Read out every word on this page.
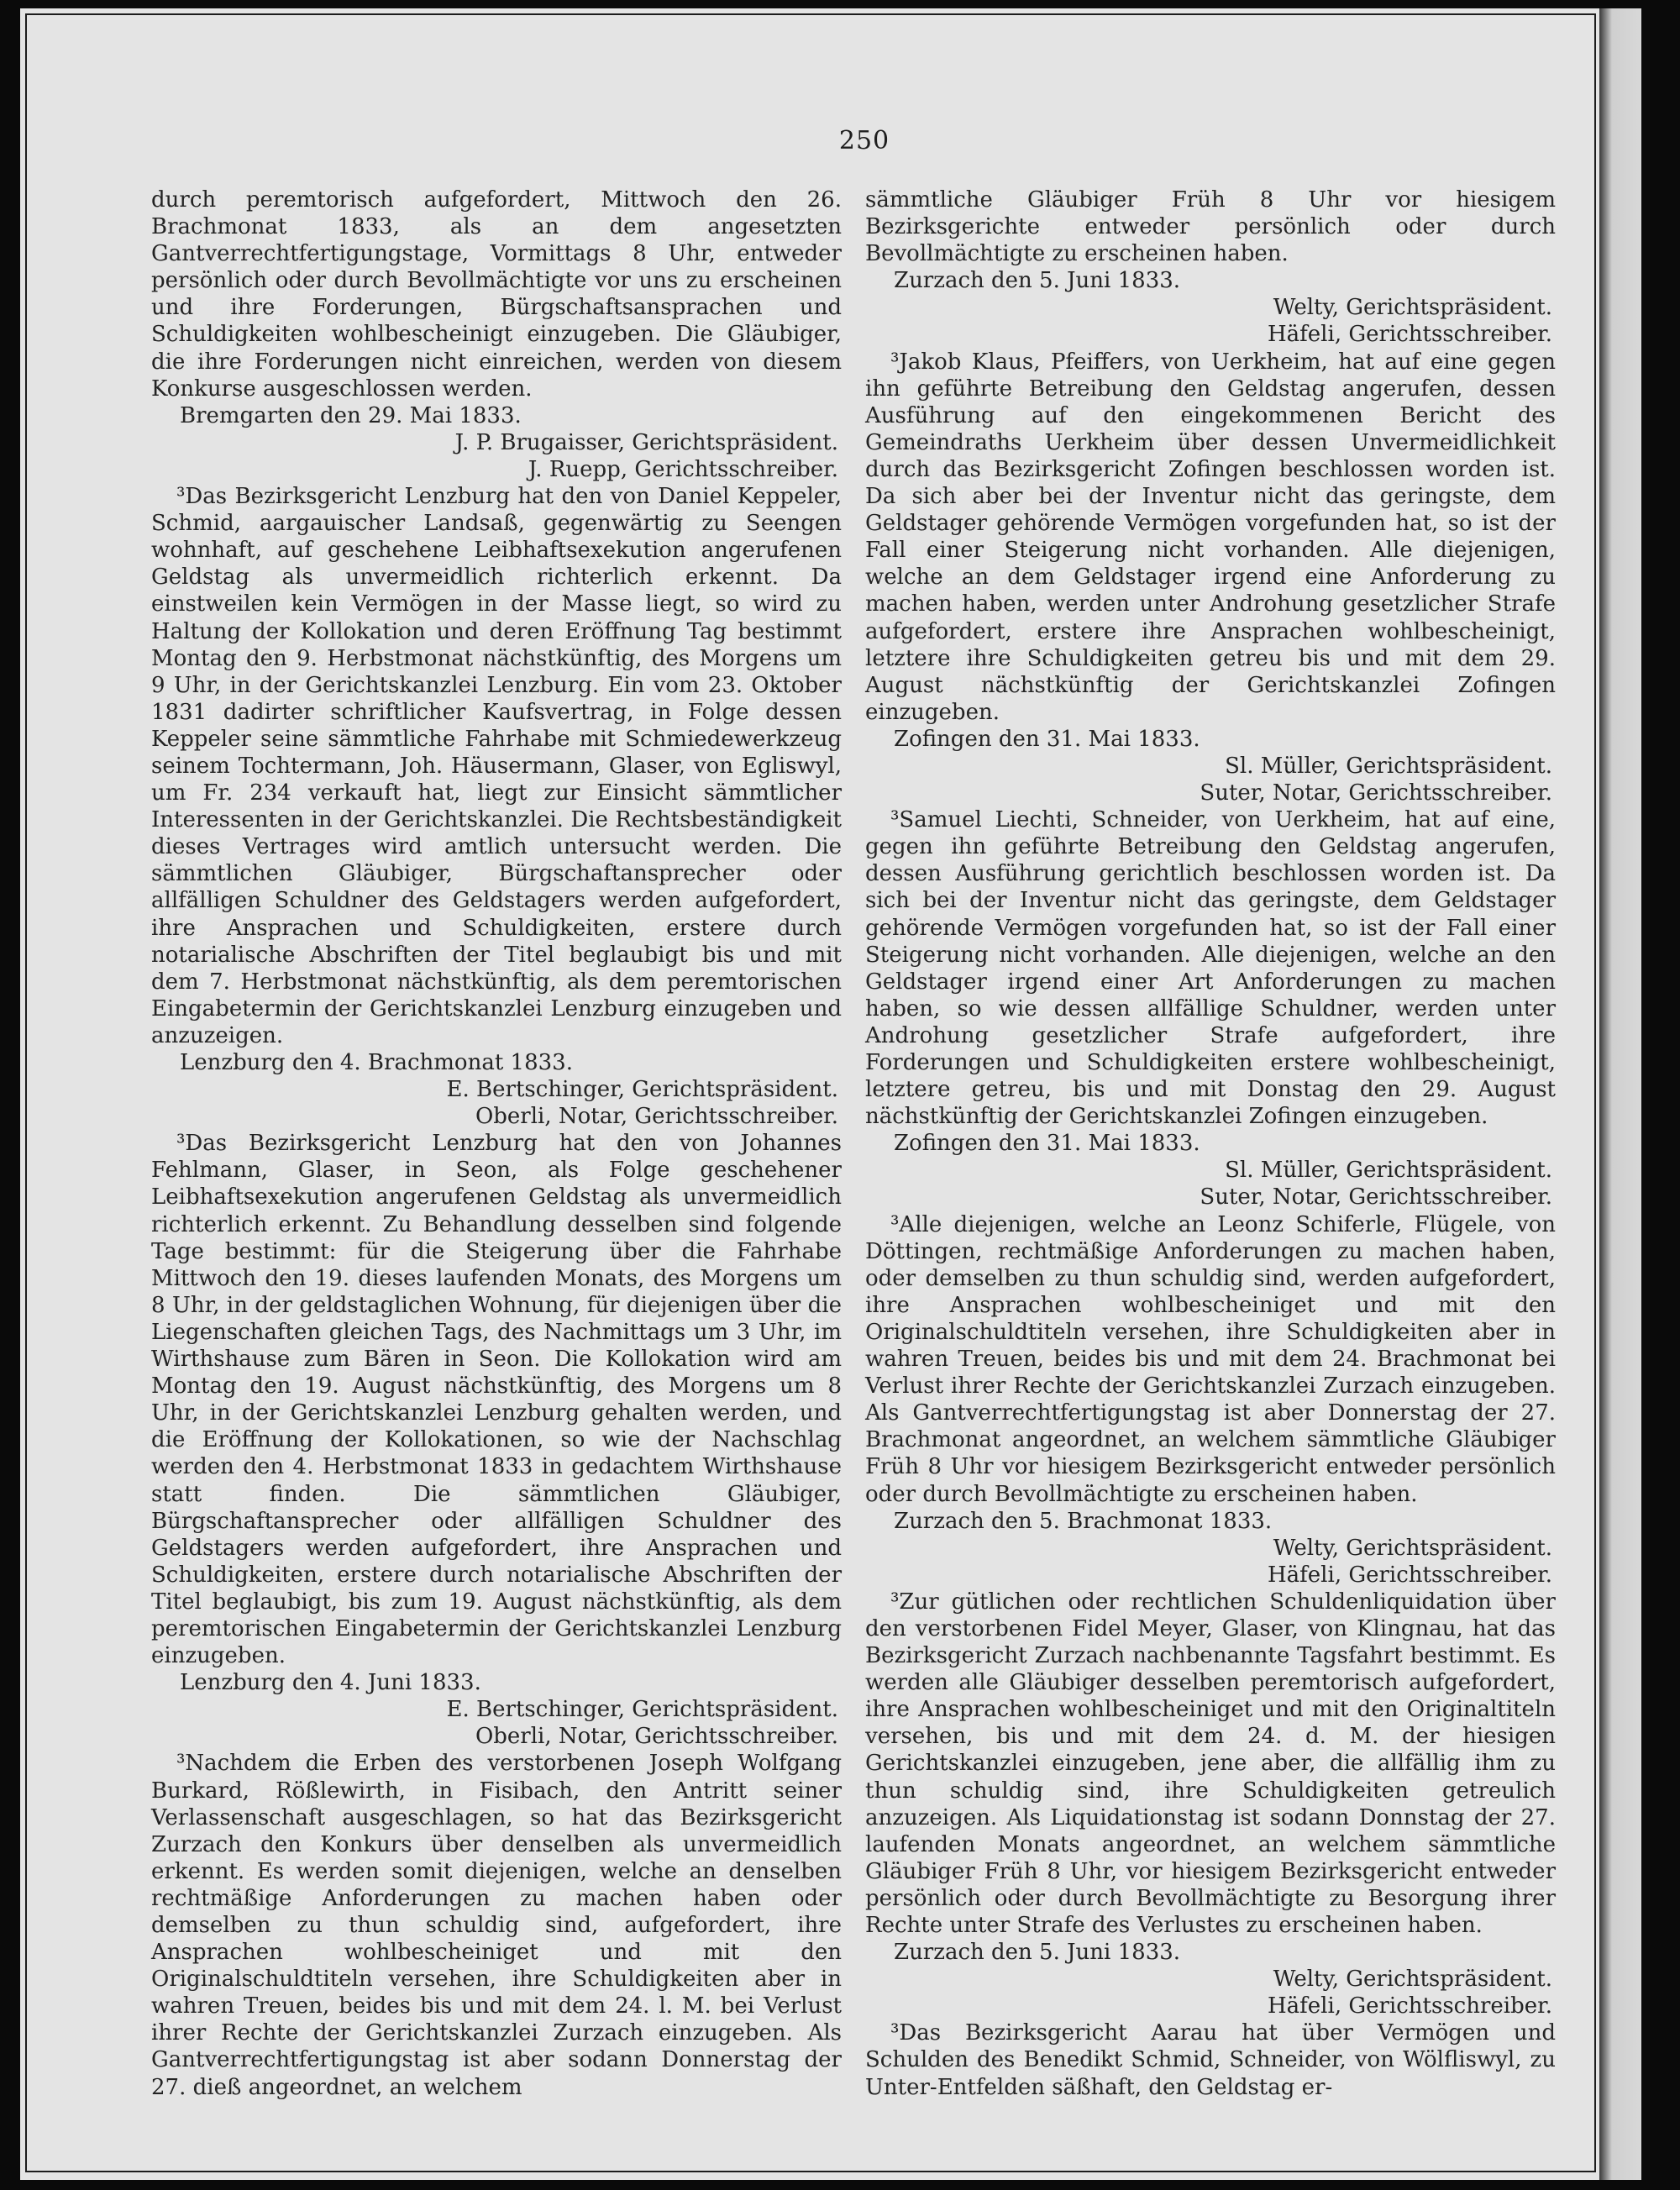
250

durch peremtorisch aufgefordert, Mittwoch den 26. Brachmonat 1833, als an dem angesetzten Gantverrechtfertigungstage, Vormittags 8 Uhr, entweder persönlich oder durch Bevollmächtigte vor uns zu erscheinen und ihre Forderungen, Bürgschaftsansprachen und Schuldigkeiten wohlbescheinigt einzugeben. Die Gläubiger, die ihre Forderungen nicht einreichen, werden von diesem Konkurse ausgeschlossen werden.

Bremgarten den 29. Mai 1833.

J. P. Brugaisser, Gerichtspräsident.

J. Ruepp, Gerichtsschreiber.

³Das Bezirksgericht Lenzburg hat den von Daniel Keppeler, Schmid, aargauischer Landsaß, gegenwärtig zu Seengen wohnhaft, auf geschehene Leibhaftsexekution angerufenen Geldstag als unvermeidlich richterlich erkennt. Da einstweilen kein Vermögen in der Masse liegt, so wird zu Haltung der Kollokation und deren Eröffnung Tag bestimmt Montag den 9. Herbstmonat nächstkünftig, des Morgens um 9 Uhr, in der Gerichtskanzlei Lenzburg. Ein vom 23. Oktober 1831 dadirter schriftlicher Kaufsvertrag, in Folge dessen Keppeler seine sämmtliche Fahrhabe mit Schmiedewerkzeug seinem Tochtermann, Joh. Häusermann, Glaser, von Egliswyl, um Fr. 234 verkauft hat, liegt zur Einsicht sämmtlicher Interessenten in der Gerichtskanzlei. Die Rechtsbeständigkeit dieses Vertrages wird amtlich untersucht werden. Die sämmtlichen Gläubiger, Bürgschaftansprecher oder allfälligen Schuldner des Geldstagers werden aufgefordert, ihre Ansprachen und Schuldigkeiten, erstere durch notarialische Abschriften der Titel beglaubigt bis und mit dem 7. Herbstmonat nächstkünftig, als dem peremtorischen Eingabetermin der Gerichtskanzlei Lenzburg einzugeben und anzuzeigen.

Lenzburg den 4. Brachmonat 1833.

E. Bertschinger, Gerichtspräsident.

Oberli, Notar, Gerichtsschreiber.

³Das Bezirksgericht Lenzburg hat den von Johannes Fehlmann, Glaser, in Seon, als Folge geschehener Leibhaftsexekution angerufenen Geldstag als unvermeidlich richterlich erkennt. Zu Behandlung desselben sind folgende Tage bestimmt: für die Steigerung über die Fahrhabe Mittwoch den 19. dieses laufenden Monats, des Morgens um 8 Uhr, in der geldstaglichen Wohnung, für diejenigen über die Liegenschaften gleichen Tags, des Nachmittags um 3 Uhr, im Wirthshause zum Bären in Seon. Die Kollokation wird am Montag den 19. August nächstkünftig, des Morgens um 8 Uhr, in der Gerichtskanzlei Lenzburg gehalten werden, und die Eröffnung der Kollokationen, so wie der Nachschlag werden den 4. Herbstmonat 1833 in gedachtem Wirthshause statt finden. Die sämmtlichen Gläubiger, Bürgschaftansprecher oder allfälligen Schuldner des Geldstagers werden aufgefordert, ihre Ansprachen und Schuldigkeiten, erstere durch notarialische Abschriften der Titel beglaubigt, bis zum 19. August nächstkünftig, als dem peremtorischen Eingabetermin der Gerichtskanzlei Lenzburg einzugeben.

Lenzburg den 4. Juni 1833.

E. Bertschinger, Gerichtspräsident.

Oberli, Notar, Gerichtsschreiber.

³Nachdem die Erben des verstorbenen Joseph Wolfgang Burkard, Rößlewirth, in Fisibach, den Antritt seiner Verlassenschaft ausgeschlagen, so hat das Bezirksgericht Zurzach den Konkurs über denselben als unvermeidlich erkennt. Es werden somit diejenigen, welche an denselben rechtmäßige Anforderungen zu machen haben oder demselben zu thun schuldig sind, aufgefordert, ihre Ansprachen wohlbescheiniget und mit den Originalschuldtiteln versehen, ihre Schuldigkeiten aber in wahren Treuen, beides bis und mit dem 24. l. M. bei Verlust ihrer Rechte der Gerichtskanzlei Zurzach einzugeben. Als Gantverrechtfertigungstag ist aber sodann Donnerstag der 27. dieß angeordnet, an welchem

sämmtliche Gläubiger Früh 8 Uhr vor hiesigem Bezirksgerichte entweder persönlich oder durch Bevollmächtigte zu erscheinen haben.

Zurzach den 5. Juni 1833.

Welty, Gerichtspräsident.

Häfeli, Gerichtsschreiber.

³Jakob Klaus, Pfeiffers, von Uerkheim, hat auf eine gegen ihn geführte Betreibung den Geldstag angerufen, dessen Ausführung auf den eingekommenen Bericht des Gemeindraths Uerkheim über dessen Unvermeidlichkeit durch das Bezirksgericht Zofingen beschlossen worden ist. Da sich aber bei der Inventur nicht das geringste, dem Geldstager gehörende Vermögen vorgefunden hat, so ist der Fall einer Steigerung nicht vorhanden. Alle diejenigen, welche an dem Geldstager irgend eine Anforderung zu machen haben, werden unter Androhung gesetzlicher Strafe aufgefordert, erstere ihre Ansprachen wohlbescheinigt, letztere ihre Schuldigkeiten getreu bis und mit dem 29. August nächstkünftig der Gerichtskanzlei Zofingen einzugeben.

Zofingen den 31. Mai 1833.

Sl. Müller, Gerichtspräsident.

Suter, Notar, Gerichtsschreiber.

³Samuel Liechti, Schneider, von Uerkheim, hat auf eine, gegen ihn geführte Betreibung den Geldstag angerufen, dessen Ausführung gerichtlich beschlossen worden ist. Da sich bei der Inventur nicht das geringste, dem Geldstager gehörende Vermögen vorgefunden hat, so ist der Fall einer Steigerung nicht vorhanden. Alle diejenigen, welche an den Geldstager irgend einer Art Anforderungen zu machen haben, so wie dessen allfällige Schuldner, werden unter Androhung gesetzlicher Strafe aufgefordert, ihre Forderungen und Schuldigkeiten erstere wohlbescheinigt, letztere getreu, bis und mit Donstag den 29. August nächstkünftig der Gerichtskanzlei Zofingen einzugeben.

Zofingen den 31. Mai 1833.

Sl. Müller, Gerichtspräsident.

Suter, Notar, Gerichtsschreiber.

³Alle diejenigen, welche an Leonz Schiferle, Flügele, von Döttingen, rechtmäßige Anforderungen zu machen haben, oder demselben zu thun schuldig sind, werden aufgefordert, ihre Ansprachen wohlbescheiniget und mit den Originalschuldtiteln versehen, ihre Schuldigkeiten aber in wahren Treuen, beides bis und mit dem 24. Brachmonat bei Verlust ihrer Rechte der Gerichtskanzlei Zurzach einzugeben. Als Gantverrechtfertigungstag ist aber Donnerstag der 27. Brachmonat angeordnet, an welchem sämmtliche Gläubiger Früh 8 Uhr vor hiesigem Bezirksgericht entweder persönlich oder durch Bevollmächtigte zu erscheinen haben.

Zurzach den 5. Brachmonat 1833.

Welty, Gerichtspräsident.

Häfeli, Gerichtsschreiber.

³Zur gütlichen oder rechtlichen Schuldenliquidation über den verstorbenen Fidel Meyer, Glaser, von Klingnau, hat das Bezirksgericht Zurzach nachbenannte Tagsfahrt bestimmt. Es werden alle Gläubiger desselben peremtorisch aufgefordert, ihre Ansprachen wohlbescheiniget und mit den Originaltiteln versehen, bis und mit dem 24. d. M. der hiesigen Gerichtskanzlei einzugeben, jene aber, die allfällig ihm zu thun schuldig sind, ihre Schuldigkeiten getreulich anzuzeigen. Als Liquidationstag ist sodann Donnstag der 27. laufenden Monats angeordnet, an welchem sämmtliche Gläubiger Früh 8 Uhr, vor hiesigem Bezirksgericht entweder persönlich oder durch Bevollmächtigte zu Besorgung ihrer Rechte unter Strafe des Verlustes zu erscheinen haben.

Zurzach den 5. Juni 1833.

Welty, Gerichtspräsident.

Häfeli, Gerichtsschreiber.

³Das Bezirksgericht Aarau hat über Vermögen und Schulden des Benedikt Schmid, Schneider, von Wölfliswyl, zu Unter-Entfelden säßhaft, den Geldstag er-
